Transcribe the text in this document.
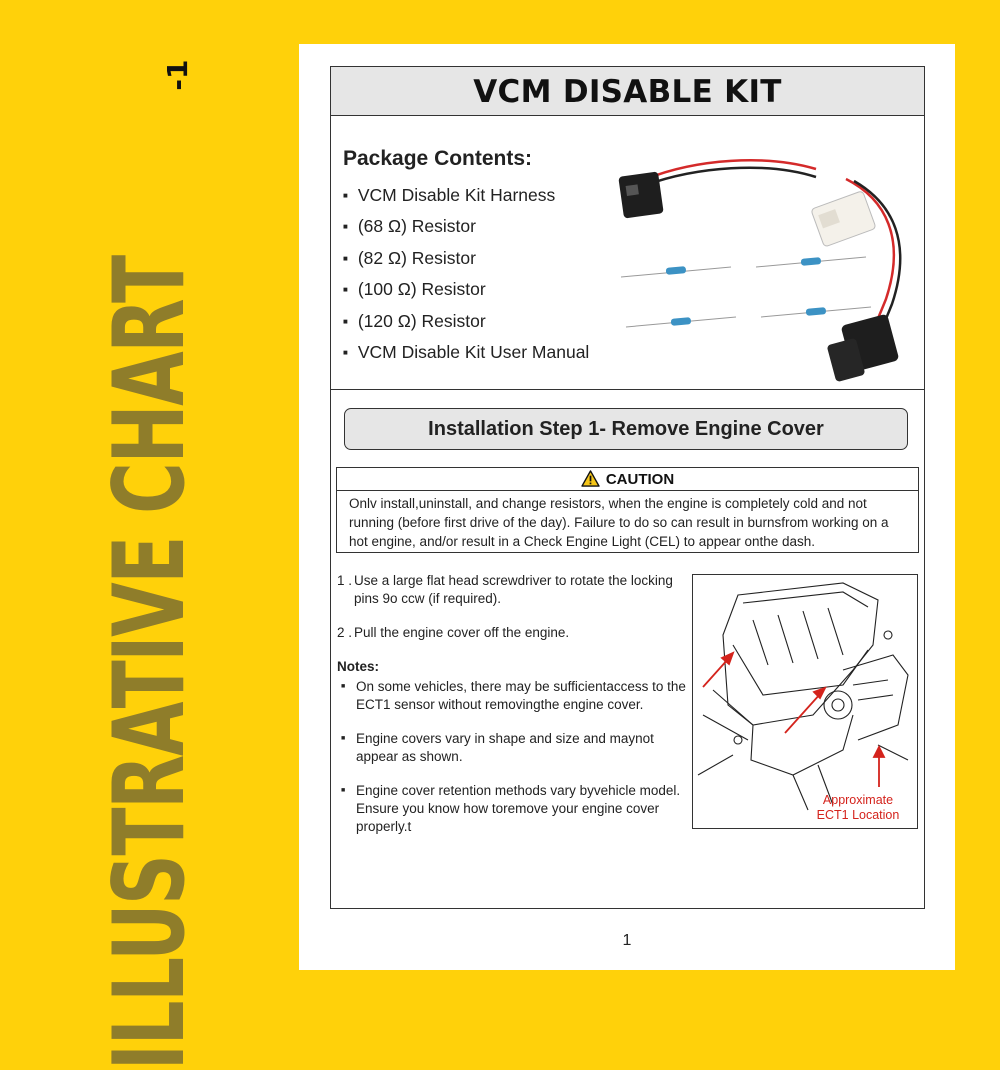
ILLUSTRATIVE CHART
-1	VCM DISABLE KIT
Package Contents:
■ VCM Disable Kit Harness
■ (68 Ω) Resistor
■ (82 Ω) Resistor
■ (100 Ω) Resistor
■ (120 Ω) Resistor
■ VCM Disable Kit User Manual
Installation Step 1- Remove Engine Cover
CAUTION
Onlv install,uninstall, and change resistors, when the engine is completely cold and not running (before first drive of the day). Failure to do so can result in burnsfrom working on a hot engine, and/or result in a Check Engine Light (CEL) to appear onthe dash.

1 . Use a large flat head screwdriver to rotate the locking pins 9o ccw (if required).

2 . Pull the engine cover off the engine.

Notes:
■ On some vehicles, there may be sufficientaccess to the ECT1 sensor without removingthe engine cover.
■ Engine covers vary in shape and size and maynot appear as shown.
■ Engine cover retention methods vary byvehicle model. Ensure you know how toremove your engine cover properly.t
Approximate
ECT1 Location
1
